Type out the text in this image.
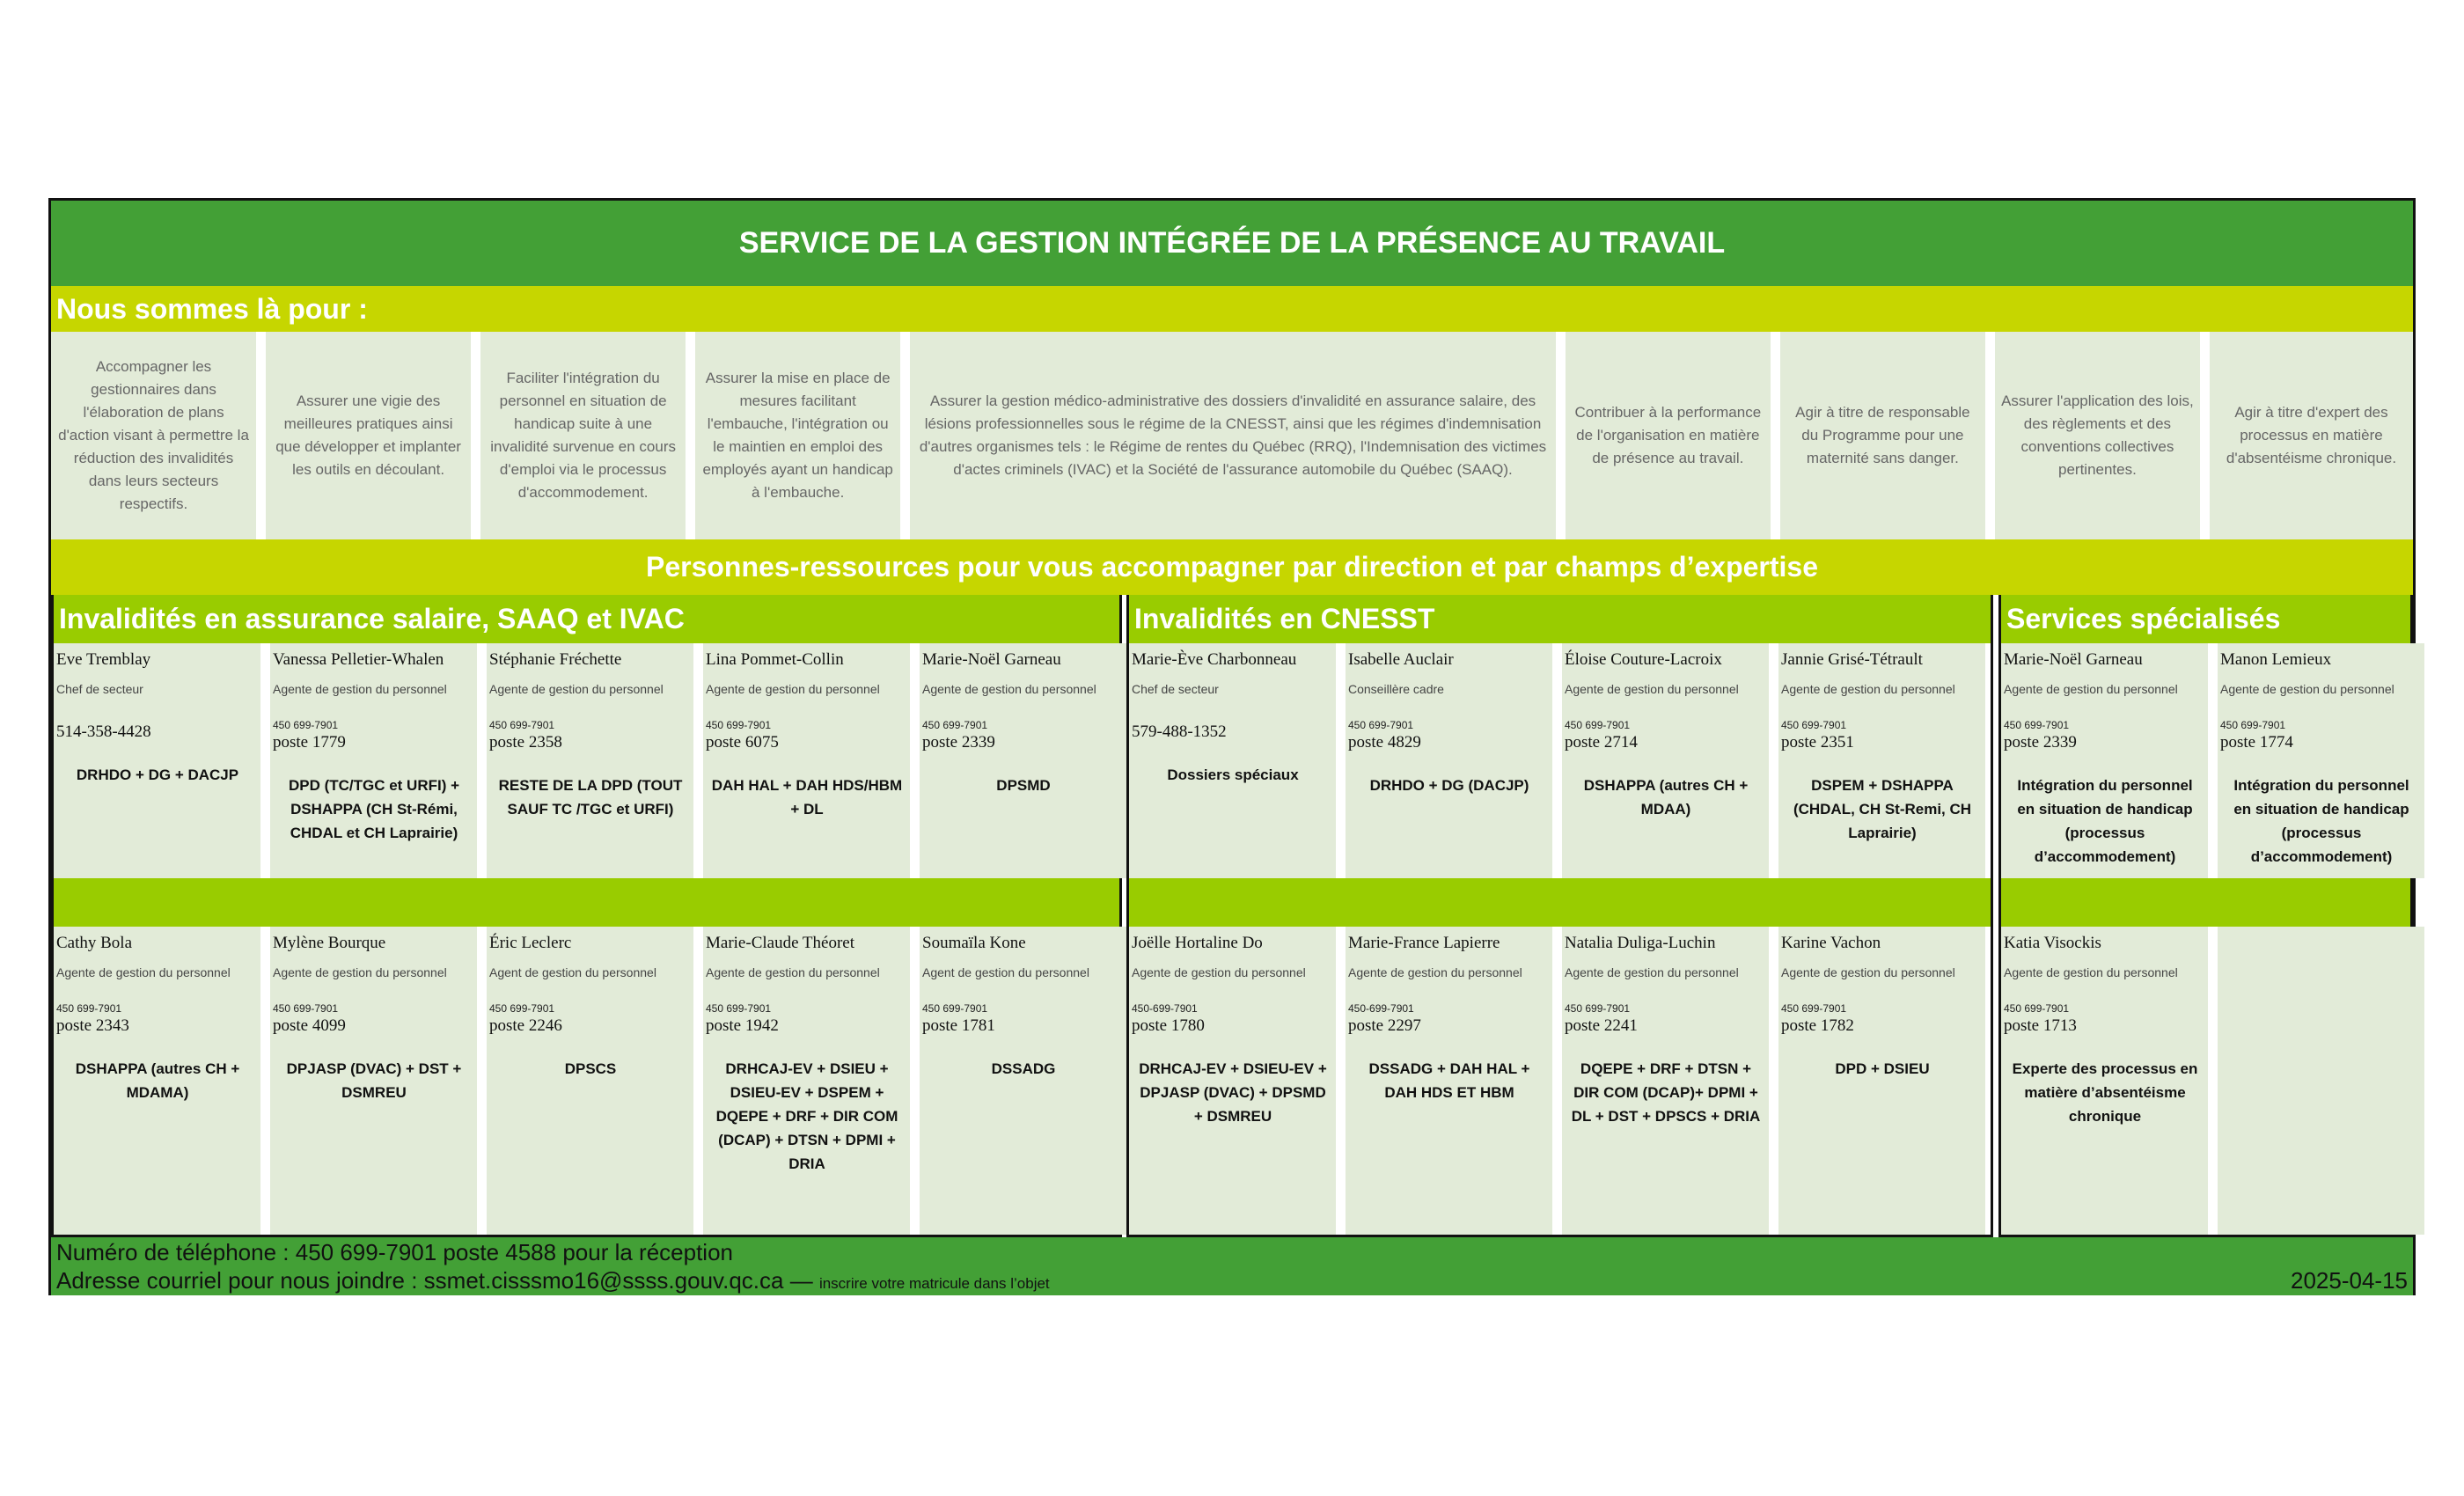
SERVICE DE LA GESTION INTÉGRÉE DE LA PRÉSENCE AU TRAVAIL
Nous sommes là pour :
Accompagner les gestionnaires dans l'élaboration de plans d'action visant à permettre la réduction des invalidités dans leurs secteurs respectifs.
Assurer une vigie des meilleures pratiques ainsi que développer et implanter les outils en découlant.
Faciliter l'intégration du personnel en situation de handicap suite à une invalidité survenue en cours d'emploi via le processus d'accommodement.
Assurer la mise en place de mesures facilitant l'embauche, l'intégration ou le maintien en emploi des employés ayant un handicap à l'embauche.
Assurer la gestion médico-administrative des dossiers d'invalidité en assurance salaire, des lésions professionnelles sous le régime de la CNESST, ainsi que les régimes d'indemnisation d'autres organismes tels : le Régime de rentes du Québec (RRQ), l'Indemnisation des victimes d'actes criminels (IVAC) et la Société de l'assurance automobile du Québec (SAAQ).
Contribuer à la performance de l'organisation en matière de présence au travail.
Agir à titre de responsable du Programme pour une maternité sans danger.
Assurer l'application des lois, des règlements et des conventions collectives pertinentes.
Agir à titre d'expert des processus en matière d'absentéisme chronique.
Personnes-ressources pour vous accompagner par direction et par champs d’expertise
Invalidités en assurance salaire, SAAQ et IVAC
Eve Tremblay
Chef de secteur
514-358-4428
DRHDO + DG + DACJP
Vanessa Pelletier-Whalen
Agente de gestion du personnel
450 699-7901
poste 1779
DPD (TC/TGC et URFI) + DSHAPPA (CH St-Rémi, CHDAL et CH Laprairie)
Stéphanie Fréchette
Agente de gestion du personnel
450 699-7901
poste 2358
RESTE DE LA DPD (TOUT SAUF TC /TGC et URFI)
Lina Pommet-Collin
Agente de gestion du personnel
450 699-7901
poste 6075
DAH HAL + DAH HDS/HBM + DL
Marie-Noël Garneau
Agente de gestion du personnel
450 699-7901
poste 2339
DPSMD
Cathy Bola
Agente de gestion du personnel
450 699-7901
poste 2343
DSHAPPA (autres CH + MDAMA)
Mylène Bourque
Agente de gestion du personnel
450 699-7901
poste 4099
DPJASP (DVAC) + DST + DSMREU
Éric Leclerc
Agent de gestion du personnel
450 699-7901
poste 2246
DPSCS
Marie-Claude Théoret
Agente de gestion du personnel
450 699-7901
poste 1942
DRHCAJ-EV + DSIEU + DSIEU-EV + DSPEM + DQEPE + DRF + DIR COM (DCAP) + DTSN + DPMI + DRIA
Soumaïla Kone
Agent de gestion du personnel
450 699-7901
poste 1781
DSSADG
Invalidités en CNESST
Marie-Ève Charbonneau
Chef de secteur
579-488-1352
Dossiers spéciaux
Isabelle Auclair
Conseillère cadre
450 699-7901
poste 4829
DRHDO + DG (DACJP)
Éloise Couture-Lacroix
Agente de gestion du personnel
450 699-7901
poste 2714
DSHAPPA (autres CH + MDAA)
Jannie Grisé-Tétrault
Agente de gestion du personnel
450 699-7901
poste 2351
DSPEM + DSHAPPA (CHDAL, CH St-Remi, CH Laprairie)
Joëlle Hortaline Do
Agente de gestion du personnel
450-699-7901
poste 1780
DRHCAJ-EV + DSIEU-EV + DPJASP (DVAC) + DPSMD + DSMREU
Marie-France Lapierre
Agente de gestion du personnel
450-699-7901
poste 2297
DSSADG + DAH HAL + DAH HDS ET HBM
Natalia Duliga-Luchin
Agente de gestion du personnel
450 699-7901
poste 2241
DQEPE + DRF + DTSN + DIR COM (DCAP)+ DPMI + DL + DST + DPSCS + DRIA
Karine Vachon
Agente de gestion du personnel
450 699-7901
poste 1782
DPD + DSIEU
Services spécialisés
Marie-Noël Garneau
Agente de gestion du personnel
450 699-7901
poste 2339
Intégration du personnel en situation de handicap (processus d’accommodement)
Manon Lemieux
Agente de gestion du personnel
450 699-7901
poste 1774
Intégration du personnel en situation de handicap (processus d’accommodement)
Katia Visockis
Agente de gestion du personnel
450 699-7901
poste 1713
Experte des processus en matière d’absentéisme chronique
Numéro de téléphone : 450 699-7901 poste 4588 pour la réception
Adresse courriel pour nous joindre : ssmet.cisssmo16@ssss.gouv.qc.ca — inscrire votre matricule dans l’objet	2025-04-15
